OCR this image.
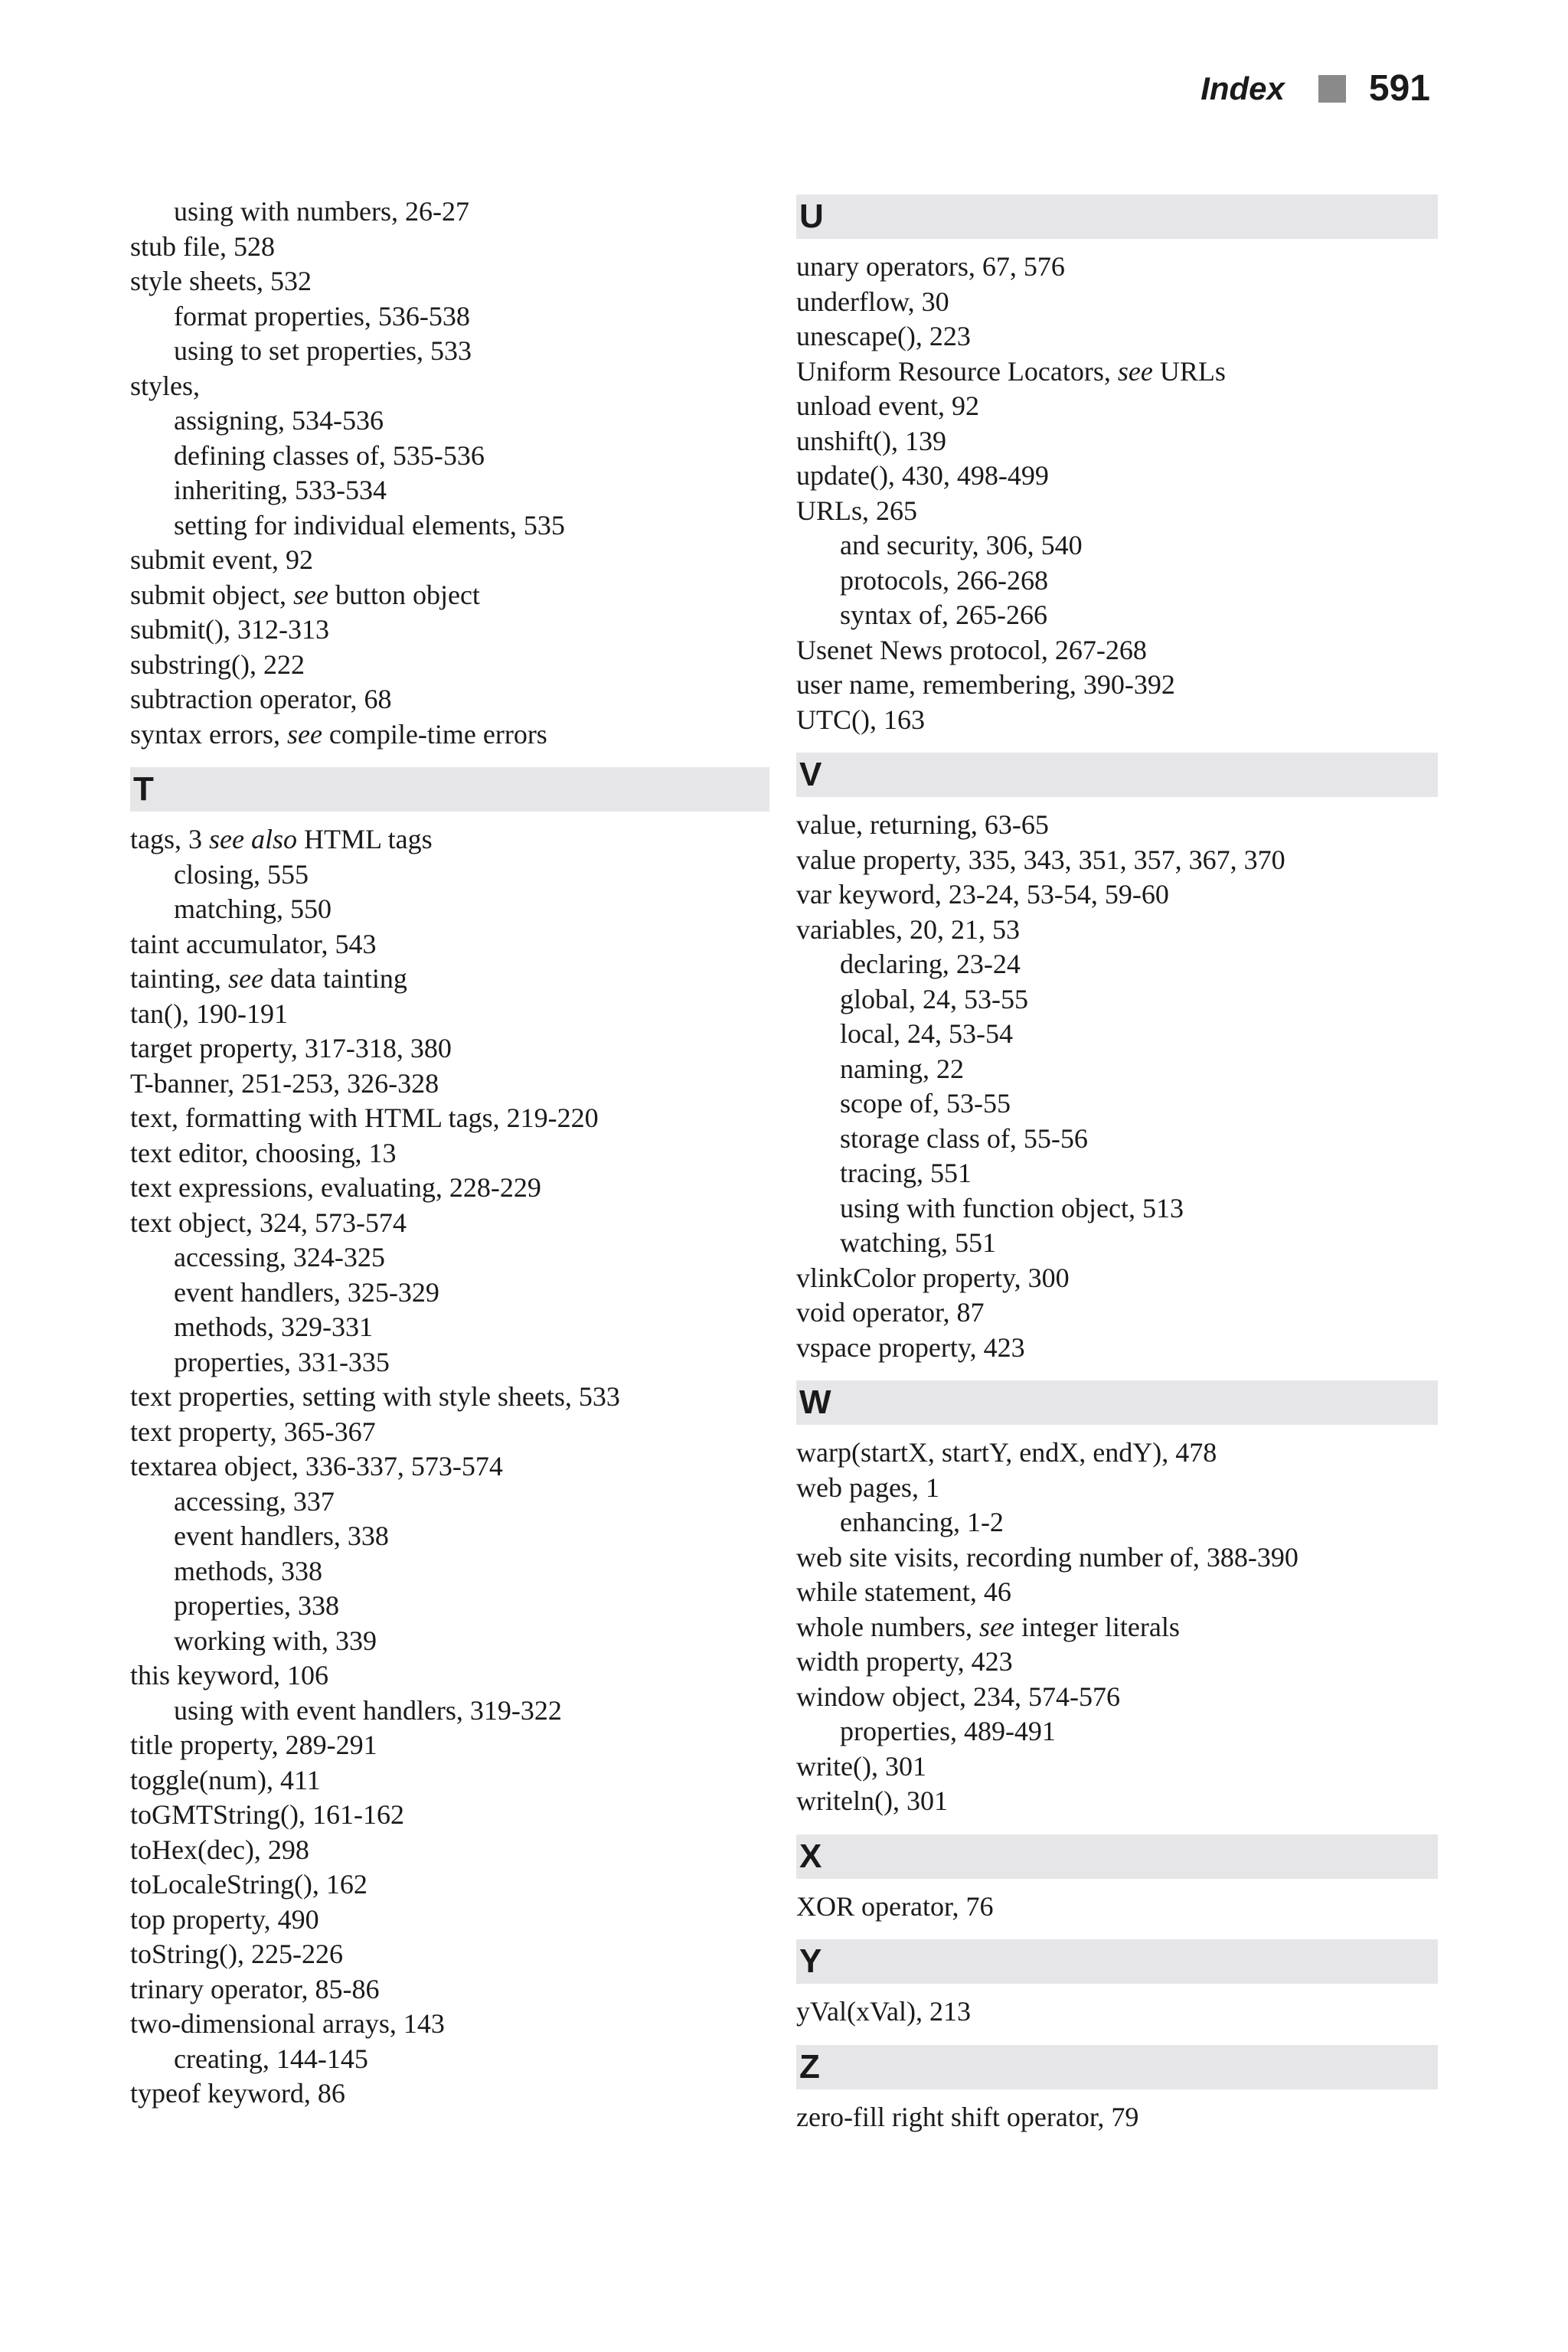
Index 591
using with numbers, 26-27
stub file, 528
style sheets, 532
format properties, 536-538
using to set properties, 533
styles,
assigning, 534-536
defining classes of, 535-536
inheriting, 533-534
setting for individual elements, 535
submit event, 92
submit object, see button object
submit(), 312-313
substring(), 222
subtraction operator, 68
syntax errors, see compile-time errors
T
tags, 3 see also HTML tags
closing, 555
matching, 550
taint accumulator, 543
tainting, see data tainting
tan(), 190-191
target property, 317-318, 380
T-banner, 251-253, 326-328
text, formatting with HTML tags, 219-220
text editor, choosing, 13
text expressions, evaluating, 228-229
text object, 324, 573-574
accessing, 324-325
event handlers, 325-329
methods, 329-331
properties, 331-335
text properties, setting with style sheets, 533
text property, 365-367
textarea object, 336-337, 573-574
accessing, 337
event handlers, 338
methods, 338
properties, 338
working with, 339
this keyword, 106
using with event handlers, 319-322
title property, 289-291
toggle(num), 411
toGMTString(), 161-162
toHex(dec), 298
toLocaleString(), 162
top property, 490
toString(), 225-226
trinary operator, 85-86
two-dimensional arrays, 143
creating, 144-145
typeof keyword, 86
U
unary operators, 67, 576
underflow, 30
unescape(), 223
Uniform Resource Locators, see URLs
unload event, 92
unshift(), 139
update(), 430, 498-499
URLs, 265
and security, 306, 540
protocols, 266-268
syntax of, 265-266
Usenet News protocol, 267-268
user name, remembering, 390-392
UTC(), 163
V
value, returning, 63-65
value property, 335, 343, 351, 357, 367, 370
var keyword, 23-24, 53-54, 59-60
variables, 20, 21, 53
declaring, 23-24
global, 24, 53-55
local, 24, 53-54
naming, 22
scope of, 53-55
storage class of, 55-56
tracing, 551
using with function object, 513
watching, 551
vlinkColor property, 300
void operator, 87
vspace property, 423
W
warp(startX, startY, endX, endY), 478
web pages, 1
enhancing, 1-2
web site visits, recording number of, 388-390
while statement, 46
whole numbers, see integer literals
width property, 423
window object, 234, 574-576
properties, 489-491
write(), 301
writeln(), 301
X
XOR operator, 76
Y
yVal(xVal), 213
Z
zero-fill right shift operator, 79
